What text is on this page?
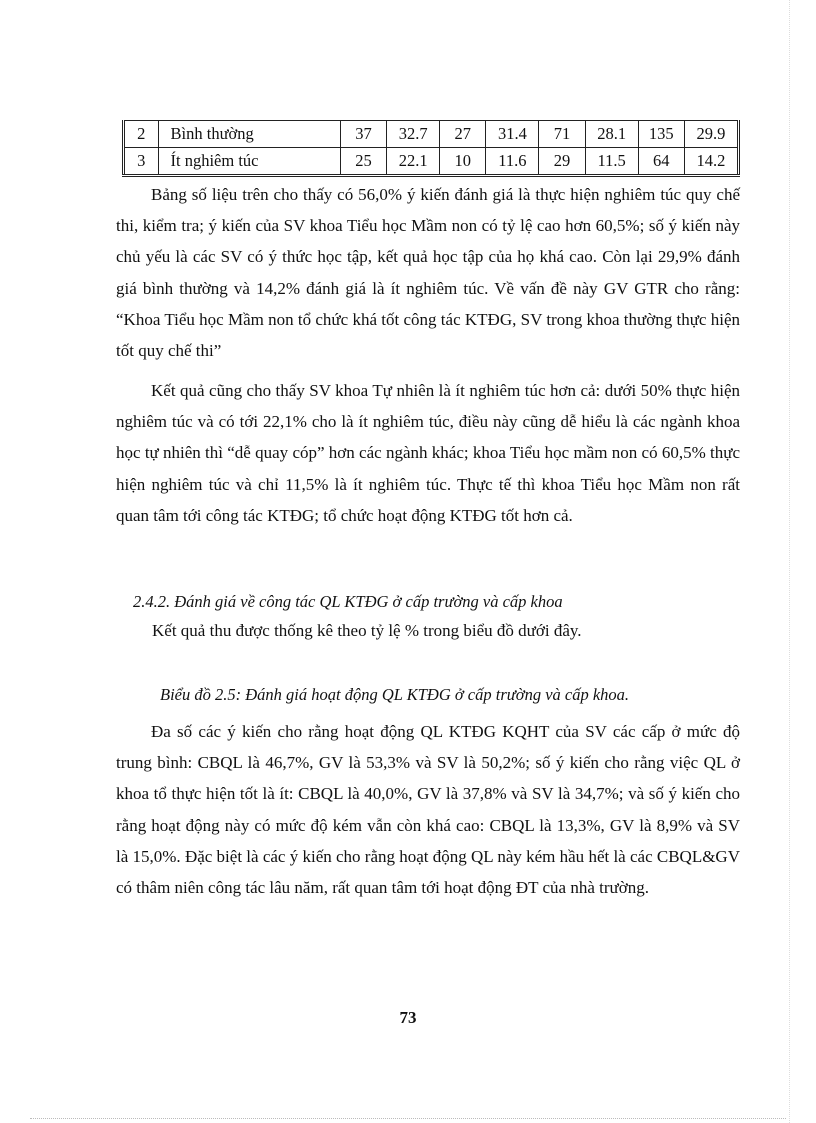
2	Bình thường	37	32.7	27	31.4	71	28.1	135	29.9
3	Ít nghiêm túc	25	22.1	10	11.6	29	11.5	64	14.2

Bảng số liệu trên cho thấy có 56,0% ý kiến đánh giá là thực hiện nghiêm túc quy chế thi, kiểm tra; ý kiến của SV khoa Tiểu học Mầm non có tỷ lệ cao hơn 60,5%; số ý kiến này chủ yếu là các SV có ý thức học tập, kết quả học tập của họ khá cao. Còn lại 29,9% đánh giá bình thường và 14,2% đánh giá là ít nghiêm túc. Về vấn đề này GV GTR cho rằng: “Khoa Tiểu học Mầm non tổ chức khá tốt công tác KTĐG, SV trong khoa thường thực hiện tốt quy chế thi”

Kết quả cũng cho thấy SV khoa Tự nhiên là ít nghiêm túc hơn cả: dưới 50% thực hiện nghiêm túc và có tới 22,1% cho là ít nghiêm túc, điều này cũng dễ hiểu là các ngành khoa học tự nhiên thì “dễ quay cóp” hơn các ngành khác; khoa Tiểu học mầm non có 60,5% thực hiện nghiêm túc và chỉ 11,5% là ít nghiêm túc. Thực tế thì khoa Tiểu học Mầm non rất quan tâm tới công tác KTĐG; tổ chức hoạt động KTĐG tốt hơn cả.

2.4.2. Đánh giá về công tác QL KTĐG ở cấp trường và cấp khoa

Kết quả thu được thống kê theo tỷ lệ % trong biểu đồ dưới đây.

Biểu đồ 2.5: Đánh giá hoạt động QL KTĐG ở cấp trường và cấp khoa.

Đa số các ý kiến cho rằng hoạt động QL KTĐG KQHT của SV các cấp ở mức độ trung bình: CBQL là 46,7%, GV là 53,3% và SV là 50,2%; số ý kiến cho rằng việc QL ở khoa tổ thực hiện tốt là ít: CBQL là 40,0%, GV là 37,8% và SV là 34,7%; và số ý kiến cho rằng hoạt động này có mức độ kém vẫn còn khá cao: CBQL là 13,3%, GV là 8,9% và SV là 15,0%. Đặc biệt là các ý kiến cho rằng hoạt động QL này kém hầu hết là các CBQL&GV có thâm niên công tác lâu năm, rất quan tâm tới hoạt động ĐT của nhà trường.

73
